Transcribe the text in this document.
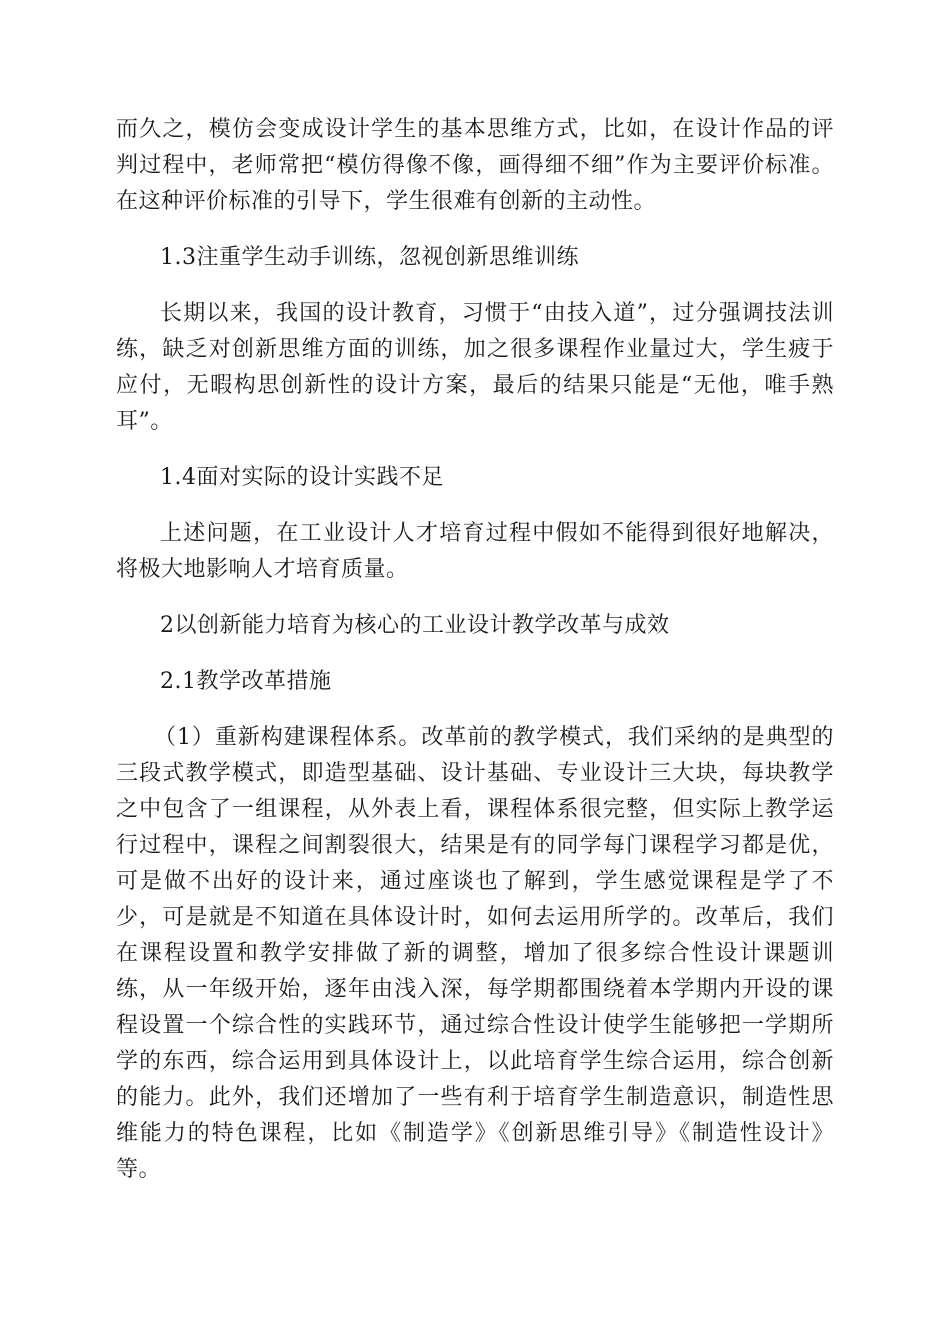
而久之，模仿会变成设计学生的基本思维方式，比如，在设计作品的评判过程中，老师常把“模仿得像不像，画得细不细”作为主要评价标准。在这种评价标准的引导下，学生很难有创新的主动性。

1.3注重学生动手训练，忽视创新思维训练

长期以来，我国的设计教育，习惯于“由技入道”，过分强调技法训练，缺乏对创新思维方面的训练，加之很多课程作业量过大，学生疲于应付，无暇构思创新性的设计方案，最后的结果只能是“无他，唯手熟耳”。

1.4面对实际的设计实践不足

上述问题，在工业设计人才培育过程中假如不能得到很好地解决，将极大地影响人才培育质量。

2以创新能力培育为核心的工业设计教学改革与成效

2.1教学改革措施

（1）重新构建课程体系。改革前的教学模式，我们采纳的是典型的三段式教学模式，即造型基础、设计基础、专业设计三大块，每块教学之中包含了一组课程，从外表上看，课程体系很完整，但实际上教学运行过程中，课程之间割裂很大，结果是有的同学每门课程学习都是优，可是做不出好的设计来，通过座谈也了解到，学生感觉课程是学了不少，可是就是不知道在具体设计时，如何去运用所学的。改革后，我们在课程设置和教学安排做了新的调整，增加了很多综合性设计课题训练，从一年级开始，逐年由浅入深，每学期都围绕着本学期内开设的课程设置一个综合性的实践环节，通过综合性设计使学生能够把一学期所学的东西，综合运用到具体设计上，以此培育学生综合运用，综合创新的能力。此外，我们还增加了一些有利于培育学生制造意识，制造性思维能力的特色课程，比如《制造学》《创新思维引导》《制造性设计》等。
